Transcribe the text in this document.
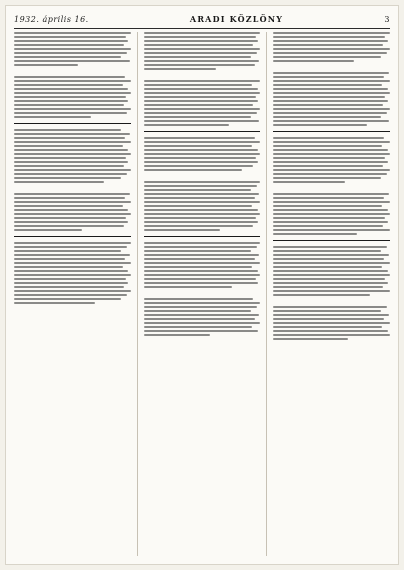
1932. április 16.	ARADI KÖZLÖNY	3
